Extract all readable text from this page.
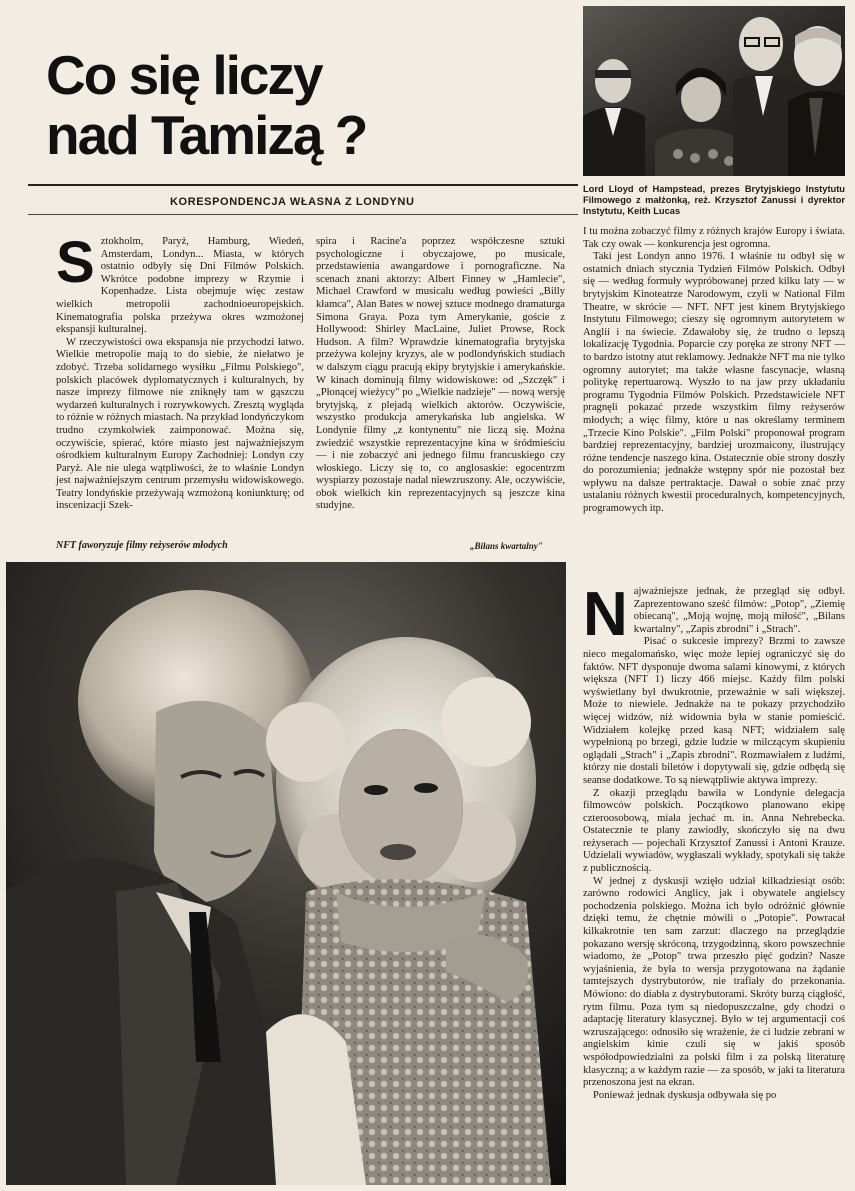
Co się liczy
nad Tamizą ?
KORESPONDENCJA WŁASNA Z LONDYNU
Lord Lloyd of Hampstead, prezes Brytyjskiego Instytutu Filmowego z małżonką, reż. Krzysztof Zanussi i dyrektor Instytutu, Keith Lucas

Sztokholm, Paryż, Hamburg, Wiedeń, Amsterdam, Londyn... Miasta, w których ostatnio odbyły się Dni Filmów Polskich. Wkrótce podobne imprezy w Rzymie i Kopenhadze. Lista obejmuje więc zestaw wielkich metropolii zachodnioeuropejskich. Kinematografia polska przeżywa okres wzmożonej ekspansji kulturalnej.

W rzeczywistości owa ekspansja nie przychodzi łatwo. Wielkie metropolie mają to do siebie, że niełatwo je zdobyć. Trzeba solidarnego wysiłku „Filmu Polskiego", polskich placówek dyplomatycznych i kulturalnych, by nasze imprezy filmowe nie zniknęły tam w gąszczu wydarzeń kulturalnych i rozrywkowych. Zresztą wygląda to różnie w różnych miastach. Na przykład londyńczykom trudno czymkolwiek zaimponować. Można się, oczywiście, spierać, które miasto jest najważniejszym ośrodkiem kulturalnym Europy Zachodniej: Londyn czy Paryż. Ale nie ulega wątpliwości, że to właśnie Londyn jest najważniejszym centrum przemysłu widowiskowego. Teatry londyńskie przeżywają wzmożoną koniunkturę; od inscenizacji Szek-

spira i Racine'a poprzez współczesne sztuki psychologiczne i obyczajowe, po musicale, przedstawienia awangardowe i pornograficzne. Na scenach znani aktorzy: Albert Finney w „Hamlecie", Michael Crawford w musicalu według powieści „Billy kłamca", Alan Bates w nowej sztuce modnego dramaturga Simona Graya. Poza tym Amerykanie, goście z Hollywood: Shirley MacLaine, Juliet Prowse, Rock Hudson. A film? Wprawdzie kinematografia brytyjska przeżywa kolejny kryzys, ale w podlondyńskich studiach w dalszym ciągu pracują ekipy brytyjskie i amerykańskie. W kinach dominują filmy widowiskowe: od „Szczęk" i „Płonącej wieżycy" po „Wielkie nadzieje" — nową wersję brytyjską, z plejadą wielkich aktorów. Oczywiście, wszystko produkcja amerykańska lub angielska. W Londynie filmy „z kontynentu" nie liczą się. Można zwiedzić wszystkie reprezentacyjne kina w śródmieściu — i nie zobaczyć ani jednego filmu francuskiego czy włoskiego. Liczy się to, co anglosaskie: egocentrzm wyspiarzy pozostaje nadal niewzruszony. Ale, oczywiście, obok wielkich kin reprezentacyjnych są jeszcze kina studyjne.

I tu można zobaczyć filmy z różnych krajów Europy i świata. Tak czy owak — konkurencja jest ogromna.

Taki jest Londyn anno 1976. I właśnie tu odbył się w ostatnich dniach stycznia Tydzień Filmów Polskich. Odbył się — według formuły wypróbowanej przed kilku laty — w brytyjskim Kinoteatrze Narodowym, czyli w National Film Theatre, w skrócie — NFT. NFT jest kinem Brytyjskiego Instytutu Filmowego; cieszy się ogromnym autorytetem w Anglii i na świecie. Zdawałoby się, że trudno o lepszą lokalizację Tygodnia. Poparcie czy poręka ze strony NFT — to bardzo istotny atut reklamowy. Jednakże NFT ma nie tylko ogromny autorytet; ma także własne fascynacje, własną politykę repertuarową. Wyszło to na jaw przy układaniu programu Tygodnia Filmów Polskich. Przedstawiciele NFT pragnęli pokazać przede wszystkim filmy reżyserów młodych; a więc filmy, które u nas określamy terminem „Trzecie Kino Polskie". „Film Polski" proponował program bardziej reprezentacyjny, bardziej urozmaicony, ilustrujący różne tendencje naszego kina. Ostatecznie obie strony doszły do porozumienia; jednakże wstępny spór nie pozostał bez wpływu na dalsze pertraktacje. Dawał o sobie znać przy ustalaniu różnych kwestii proceduralnych, kompetencyjnych, programowych itp.

NFT faworyzuje filmy reżyserów młodych	„Bilans kwartalny"

Najważniejsze jednak, że przegląd się odbył. Zaprezentowano sześć filmów: „Potop", „Ziemię obiecaną", „Moją wojnę, moją miłość", „Bilans kwartalny", „Zapis zbrodni" i „Strach".

Pisać o sukcesie imprezy? Brzmi to zawsze nieco megalomańsko, więc może lepiej ograniczyć się do faktów. NFT dysponuje dwoma salami kinowymi, z których większa (NFT 1) liczy 466 miejsc. Każdy film polski wyświetlany był dwukrotnie, przeważnie w sali większej. Może to niewiele. Jednakże na te pokazy przychodziło więcej widzów, niż widownia była w stanie pomieścić. Widziałem kolejkę przed kasą NFT; widziałem salę wypełnioną po brzegi, gdzie ludzie w milczącym skupieniu oglądali „Strach" i „Zapis zbrodni". Rozmawiałem z ludźmi, którzy nie dostali biletów i dopytywali się, gdzie odbędą się seanse dodatkowe. To są niewątpliwie aktywa imprezy.

Z okazji przeglądu bawiła w Londynie delegacja filmowców polskich. Początkowo planowano ekipę czteroosobową, miała jechać m. in. Anna Nehrebecka. Ostatecznie te plany zawiodły, skończyło się na dwu reżyserach — pojechali Krzysztof Zanussi i Antoni Krauze. Udzielali wywiadów, wygłaszali wykłady, spotykali się także z publicznością.

W jednej z dyskusji wzięło udział kilkadziesiąt osób: zarówno rodowici Anglicy, jak i obywatele angielscy pochodzenia polskiego. Można ich było odróżnić głównie dzięki temu, że chętnie mówili o „Potopie". Powracał kilkakrotnie ten sam zarzut: dlaczego na przeglądzie pokazano wersję skróconą, trzygodzinną, skoro powszechnie wiadomo, że „Potop" trwa przeszło pięć godzin? Nasze wyjaśnienia, że była to wersja przygotowana na żądanie tamtejszych dystrybutorów, nie trafiały do przekonania. Mówiono: do diabła z dystrybutorami. Skróty burzą ciągłość, rytm filmu. Poza tym są niedopuszczalne, gdy chodzi o adaptację literatury klasycznej. Było w tej argumentacji coś wzruszającego: odnosiło się wrażenie, że ci ludzie zebrani w angielskim kinie czuli się w jakiś sposób współodpowiedzialni za polski film i za polską literaturę klasyczną; a w każdym razie — za sposób, w jaki ta literatura przenoszona jest na ekran.

Ponieważ jednak dyskusja odbywała się po
